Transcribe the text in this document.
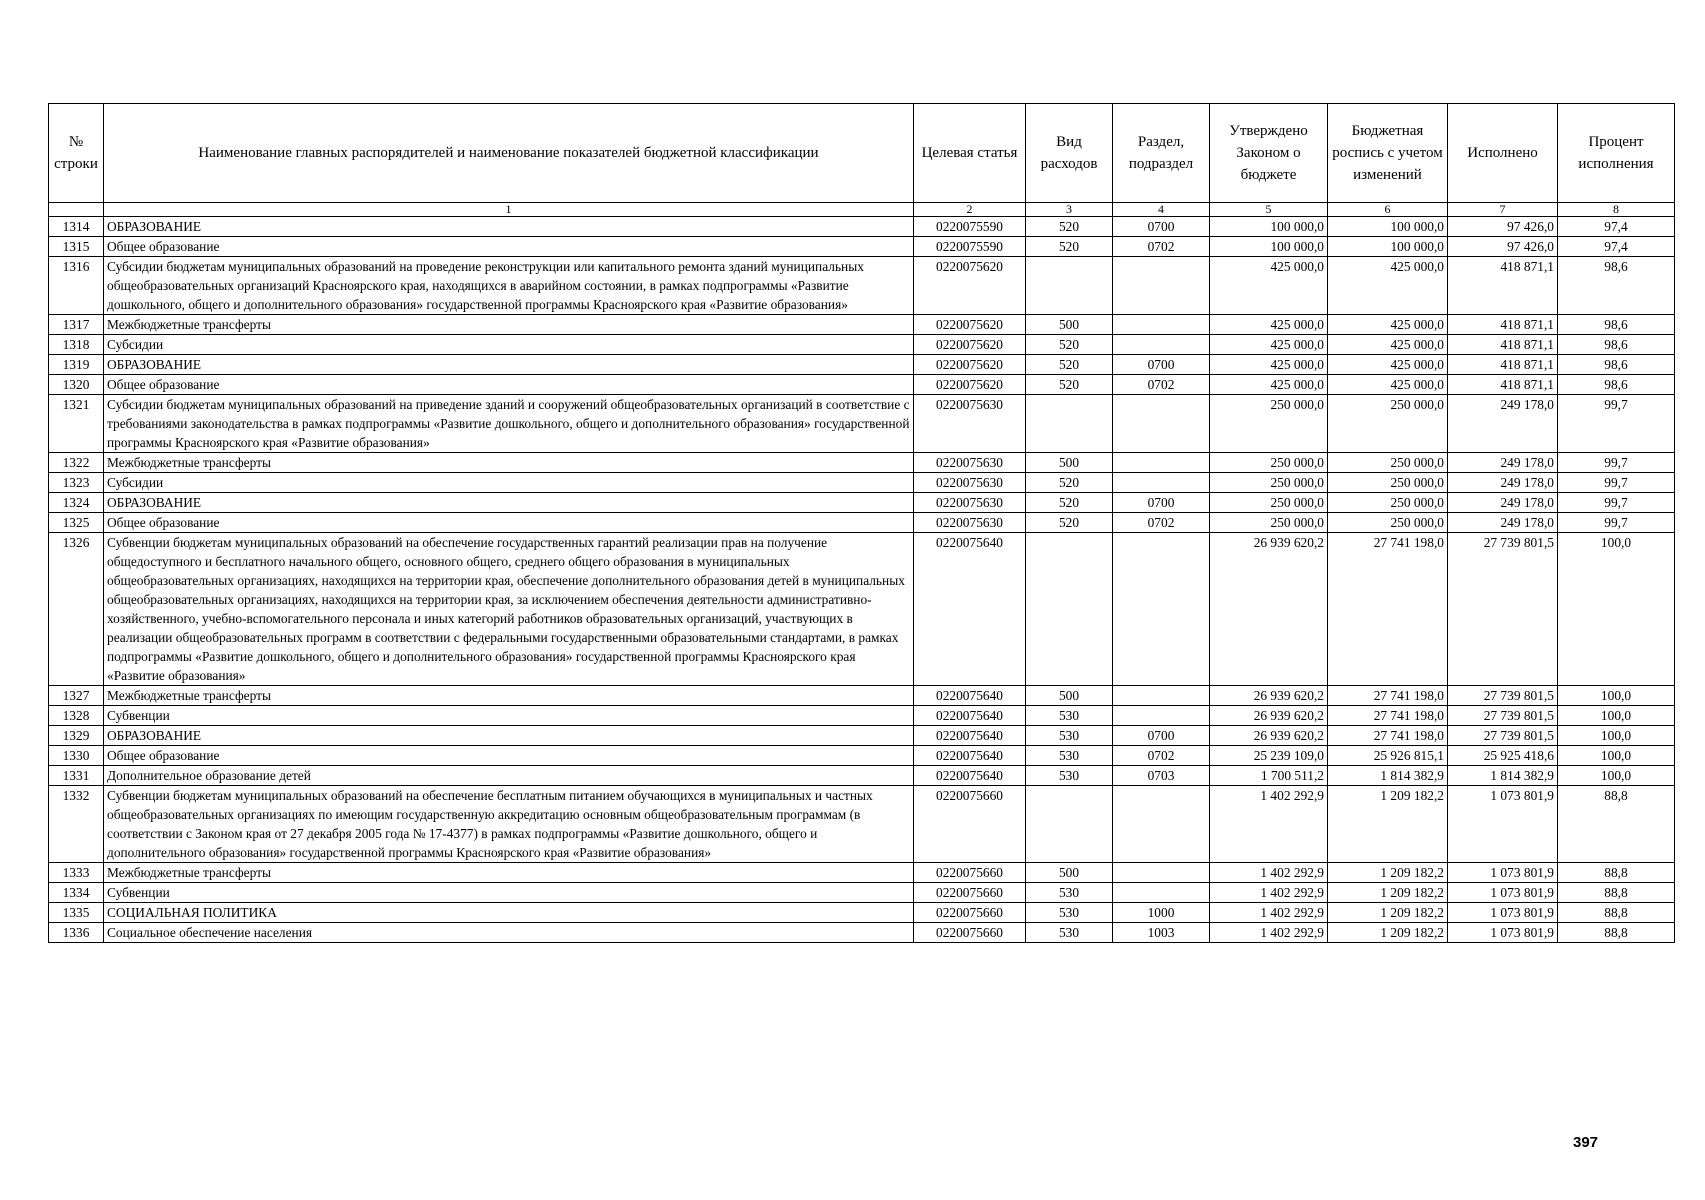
№ строки	Наименование главных распорядителей и наименование показателей бюджетной классификации	Целевая статья	Вид расходов	Раздел, подраздел	Утверждено Законом о бюджете	Бюджетная роспись с учетом изменений	Исполнено	Процент исполнения
	1	2	3	4	5	6	7	8
1314	ОБРАЗОВАНИЕ	0220075590	520	0700	100 000,0	100 000,0	97 426,0	97,4
1315	Общее образование	0220075590	520	0702	100 000,0	100 000,0	97 426,0	97,4
1316	Субсидии бюджетам муниципальных образований на проведение реконструкции или капитального ремонта зданий муниципальных общеобразовательных организаций Красноярского края, находящихся в аварийном состоянии, в рамках подпрограммы «Развитие дошкольного, общего и дополнительного образования» государственной программы Красноярского края «Развитие образования»	0220075620			425 000,0	425 000,0	418 871,1	98,6
1317	Межбюджетные трансферты	0220075620	500		425 000,0	425 000,0	418 871,1	98,6
1318	Субсидии	0220075620	520		425 000,0	425 000,0	418 871,1	98,6
1319	ОБРАЗОВАНИЕ	0220075620	520	0700	425 000,0	425 000,0	418 871,1	98,6
1320	Общее образование	0220075620	520	0702	425 000,0	425 000,0	418 871,1	98,6
1321	Субсидии бюджетам муниципальных образований на приведение зданий и сооружений общеобразовательных организаций в соответствие с требованиями законодательства в рамках подпрограммы «Развитие дошкольного, общего и дополнительного образования» государственной программы Красноярского края «Развитие образования»	0220075630			250 000,0	250 000,0	249 178,0	99,7
1322	Межбюджетные трансферты	0220075630	500		250 000,0	250 000,0	249 178,0	99,7
1323	Субсидии	0220075630	520		250 000,0	250 000,0	249 178,0	99,7
1324	ОБРАЗОВАНИЕ	0220075630	520	0700	250 000,0	250 000,0	249 178,0	99,7
1325	Общее образование	0220075630	520	0702	250 000,0	250 000,0	249 178,0	99,7
1326	Субвенции бюджетам муниципальных образований на обеспечение государственных гарантий реализации прав на получение общедоступного и бесплатного начального общего, основного общего, среднего общего образования в муниципальных общеобразовательных организациях, находящихся на территории края, обеспечение дополнительного образования детей в муниципальных общеобразовательных организациях, находящихся на территории края, за исключением обеспечения деятельности административно-хозяйственного, учебно-вспомогательного персонала и иных категорий работников образовательных организаций, участвующих в реализации общеобразовательных программ в соответствии с федеральными государственными образовательными стандартами, в рамках подпрограммы «Развитие дошкольного, общего и дополнительного образования» государственной программы Красноярского края «Развитие образования»	0220075640			26 939 620,2	27 741 198,0	27 739 801,5	100,0
1327	Межбюджетные трансферты	0220075640	500		26 939 620,2	27 741 198,0	27 739 801,5	100,0
1328	Субвенции	0220075640	530		26 939 620,2	27 741 198,0	27 739 801,5	100,0
1329	ОБРАЗОВАНИЕ	0220075640	530	0700	26 939 620,2	27 741 198,0	27 739 801,5	100,0
1330	Общее образование	0220075640	530	0702	25 239 109,0	25 926 815,1	25 925 418,6	100,0
1331	Дополнительное образование детей	0220075640	530	0703	1 700 511,2	1 814 382,9	1 814 382,9	100,0
1332	Субвенции бюджетам муниципальных образований на обеспечение бесплатным питанием обучающихся в муниципальных и частных общеобразовательных организациях по имеющим государственную аккредитацию основным общеобразовательным программам (в соответствии с Законом края от 27 декабря 2005 года № 17-4377) в рамках подпрограммы «Развитие дошкольного, общего и дополнительного образования» государственной программы Красноярского края «Развитие образования»	0220075660			1 402 292,9	1 209 182,2	1 073 801,9	88,8
1333	Межбюджетные трансферты	0220075660	500		1 402 292,9	1 209 182,2	1 073 801,9	88,8
1334	Субвенции	0220075660	530		1 402 292,9	1 209 182,2	1 073 801,9	88,8
1335	СОЦИАЛЬНАЯ ПОЛИТИКА	0220075660	530	1000	1 402 292,9	1 209 182,2	1 073 801,9	88,8
1336	Социальное обеспечение населения	0220075660	530	1003	1 402 292,9	1 209 182,2	1 073 801,9	88,8
397
